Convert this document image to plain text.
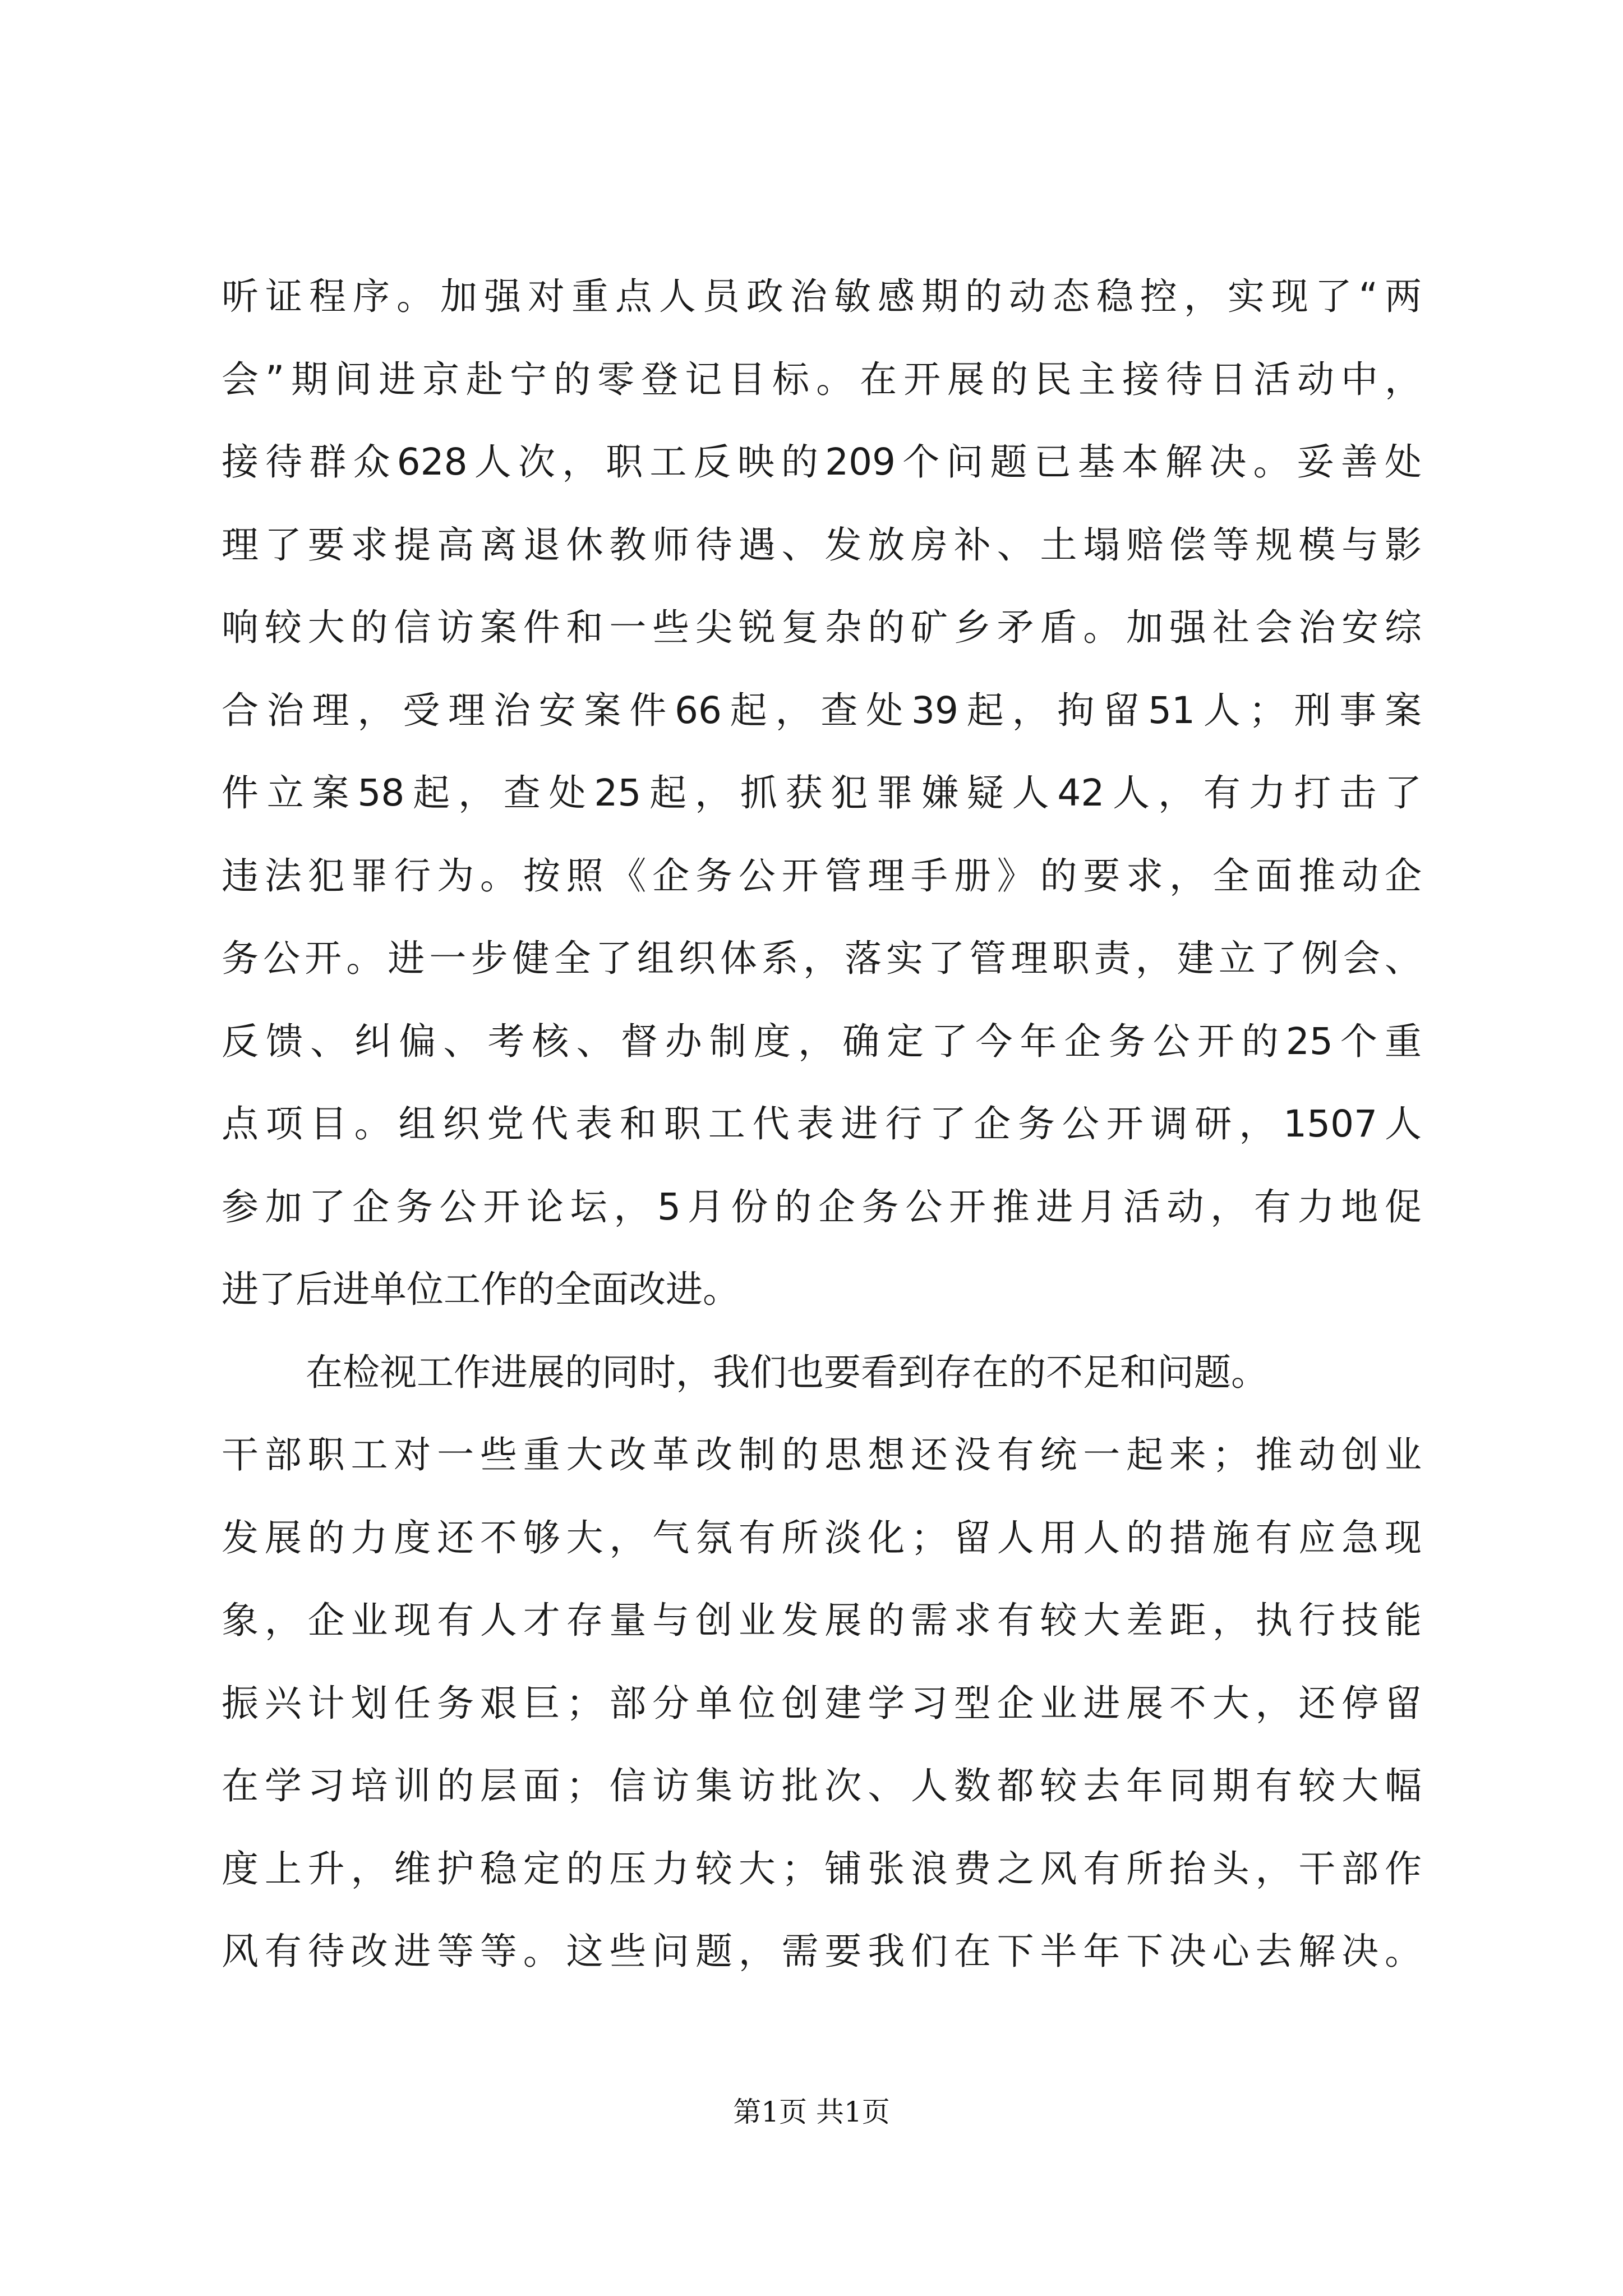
听证程序。加强对重点人员政治敏感期的动态稳控，实现了“两
会”期间进京赴宁的零登记目标。在开展的民主接待日活动中，
接待群众628人次，职工反映的209个问题已基本解决。妥善处
理了要求提高离退休教师待遇、发放房补、土塌赔偿等规模与影
响较大的信访案件和一些尖锐复杂的矿乡矛盾。加强社会治安综
合治理，受理治安案件66起，查处39起，拘留51人；刑事案
件立案58起，查处25起，抓获犯罪嫌疑人42人，有力打击了
违法犯罪行为。按照《企务公开管理手册》的要求，全面推动企
务公开。进一步健全了组织体系，落实了管理职责，建立了例会、
反馈、纠偏、考核、督办制度，确定了今年企务公开的25个重
点项目。组织党代表和职工代表进行了企务公开调研，1507人
参加了企务公开论坛，5月份的企务公开推进月活动，有力地促
进了后进单位工作的全面改进。
在检视工作进展的同时，我们也要看到存在的不足和问题。
干部职工对一些重大改革改制的思想还没有统一起来；推动创业
发展的力度还不够大，气氛有所淡化；留人用人的措施有应急现
象，企业现有人才存量与创业发展的需求有较大差距，执行技能
振兴计划任务艰巨；部分单位创建学习型企业进展不大，还停留
在学习培训的层面；信访集访批次、人数都较去年同期有较大幅
度上升，维护稳定的压力较大；铺张浪费之风有所抬头，干部作
风有待改进等等。这些问题，需要我们在下半年下决心去解决。
第1页 共1页
